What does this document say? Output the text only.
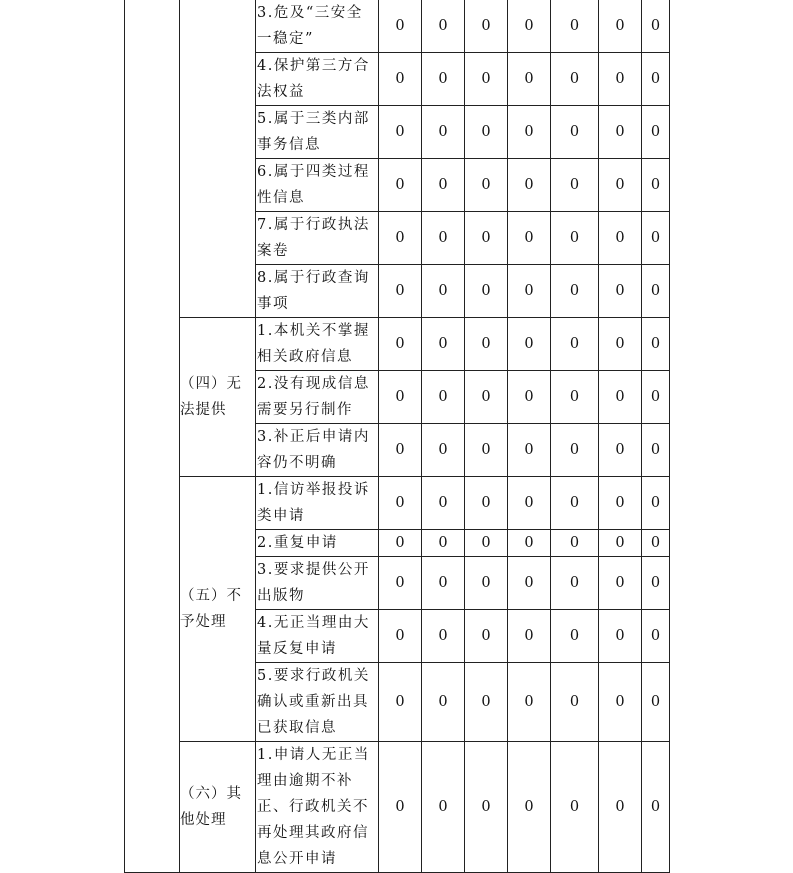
		3.危及“三安全一稳定”	0	0	0	0	0	0	0
		4.保护第三方合法权益	0	0	0	0	0	0	0
		5.属于三类内部事务信息	0	0	0	0	0	0	0
		6.属于四类过程性信息	0	0	0	0	0	0	0
		7.属于行政执法案卷	0	0	0	0	0	0	0
		8.属于行政查询事项	0	0	0	0	0	0	0
	（四）无法提供	1.本机关不掌握相关政府信息	0	0	0	0	0	0	0
		2.没有现成信息需要另行制作	0	0	0	0	0	0	0
		3.补正后申请内容仍不明确	0	0	0	0	0	0	0
	（五）不予处理	1.信访举报投诉类申请	0	0	0	0	0	0	0
		2.重复申请	0	0	0	0	0	0	0
		3.要求提供公开出版物	0	0	0	0	0	0	0
		4.无正当理由大量反复申请	0	0	0	0	0	0	0
		5.要求行政机关确认或重新出具已获取信息	0	0	0	0	0	0	0
	（六）其他处理	1.申请人无正当理由逾期不补正、行政机关不再处理其政府信息公开申请	0	0	0	0	0	0	0
